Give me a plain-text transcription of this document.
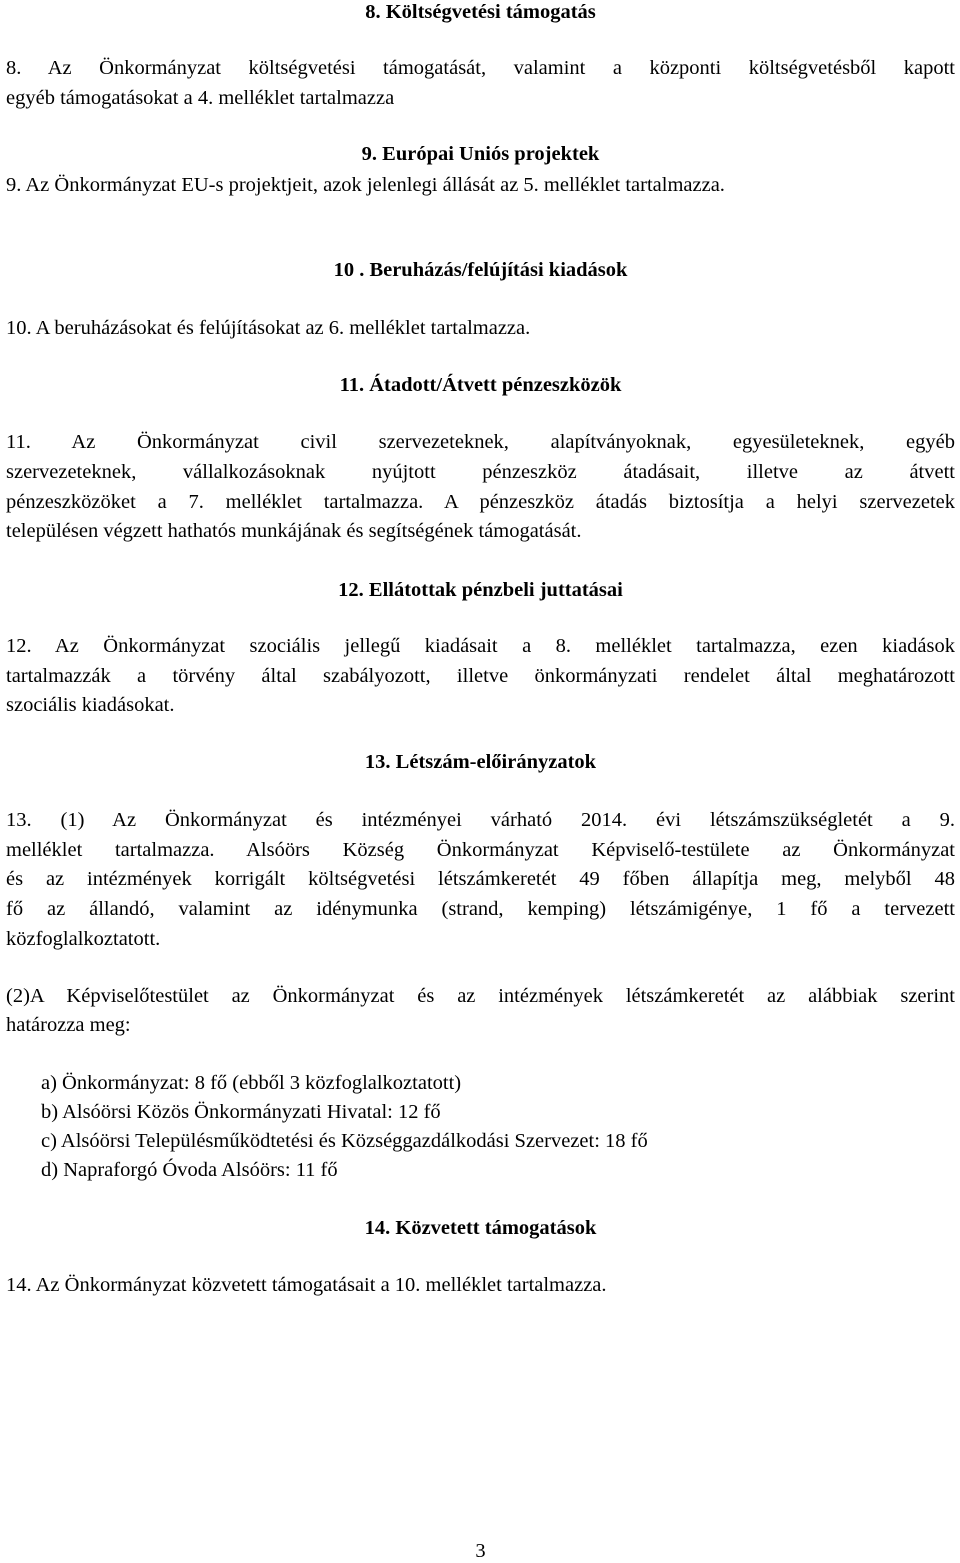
8. Költségvetési támogatás
8. Az Önkormányzat költségvetési támogatását, valamint a központi költségvetésből kapott
egyéb támogatásokat a 4. melléklet tartalmazza
9. Európai Uniós projektek
9. Az Önkormányzat EU-s projektjeit, azok jelenlegi állását az 5. melléklet tartalmazza.
10 . Beruházás/felújítási kiadások
10. A beruházásokat és felújításokat az 6. melléklet tartalmazza.
11. Átadott/Átvett pénzeszközök
11. Az Önkormányzat civil szervezeteknek, alapítványoknak, egyesületeknek, egyéb
szervezeteknek, vállalkozásoknak nyújtott pénzeszköz átadásait, illetve az átvett
pénzeszközöket a 7. melléklet tartalmazza. A pénzeszköz átadás biztosítja a helyi szervezetek
településen végzett hathatós munkájának és segítségének támogatását.
12. Ellátottak pénzbeli juttatásai
12. Az Önkormányzat szociális jellegű kiadásait a 8. melléklet tartalmazza, ezen kiadások
tartalmazzák a törvény által szabályozott, illetve önkormányzati rendelet által meghatározott
szociális kiadásokat.
13. Létszám-előirányzatok
13. (1) Az Önkormányzat és intézményei várható 2014. évi létszámszükségletét a 9.
melléklet tartalmazza. Alsóörs Község Önkormányzat Képviselő-testülete az Önkormányzat
és az intézmények korrigált költségvetési létszámkeretét 49 főben állapítja meg, melyből 48
fő az állandó, valamint az idénymunka (strand, kemping) létszámigénye, 1 fő a tervezett
közfoglalkoztatott.
(2)A Képviselőtestület az Önkormányzat és az intézmények létszámkeretét az alábbiak szerint
határozza meg:
a) Önkormányzat: 8 fő (ebből 3 közfoglalkoztatott)
b) Alsóörsi Közös Önkormányzati Hivatal: 12 fő
c) Alsóörsi Településműködtetési és Községgazdálkodási Szervezet: 18 fő
d) Napraforgó Óvoda Alsóörs: 11 fő
14. Közvetett támogatások
14. Az Önkormányzat közvetett támogatásait a 10. melléklet tartalmazza.
3
